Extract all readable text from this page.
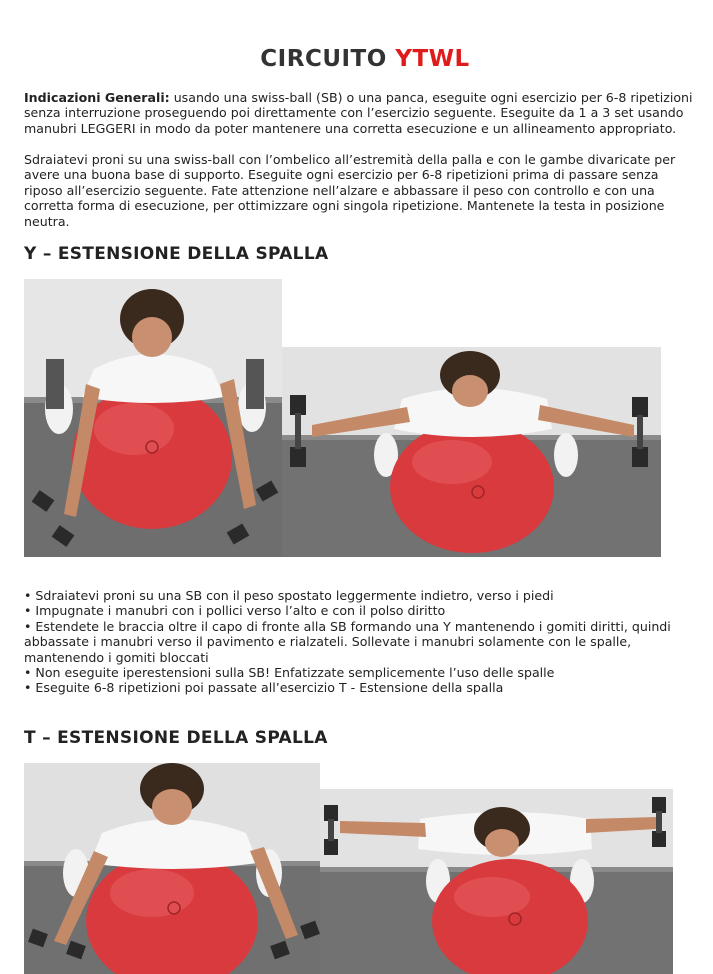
CIRCUITO YTWL
Indicazioni Generali: usando una swiss-ball (SB) o una panca, eseguite ogni esercizio per 6-8 ripetizioni
senza interruzione proseguendo poi direttamente con l’esercizio seguente. Eseguite da 1 a 3 set usando
manubri LEGGERI in modo da poter mantenere una corretta esecuzione e un allineamento appropriato.
Sdraiatevi proni su una swiss-ball con l’ombelico all’estremità della palla e con le gambe divaricate per
avere una buona base di supporto. Eseguite ogni esercizio per 6-8 ripetizioni prima di passare senza
riposo all’esercizio seguente. Fate attenzione nell’alzare e abbassare il peso con controllo e con una
corretta forma di esecuzione, per ottimizzare ogni singola ripetizione. Mantenete la testa in posizione
neutra.
Y – ESTENSIONE DELLA SPALLA
• Sdraiatevi proni su una SB con il peso spostato leggermente indietro, verso i piedi
• Impugnate i manubri con i pollici verso l’alto e con il polso diritto
• Estendete le braccia oltre il capo di fronte alla SB formando una Y mantenendo i gomiti diritti, quindi
abbassate i manubri verso il pavimento e rialzateli. Sollevate i manubri solamente con le spalle,
mantenendo i gomiti bloccati
• Non eseguite iperestensioni sulla SB! Enfatizzate semplicemente l’uso delle spalle
• Eseguite 6-8 ripetizioni poi passate all’esercizio T - Estensione della spalla
T – ESTENSIONE DELLA SPALLA
